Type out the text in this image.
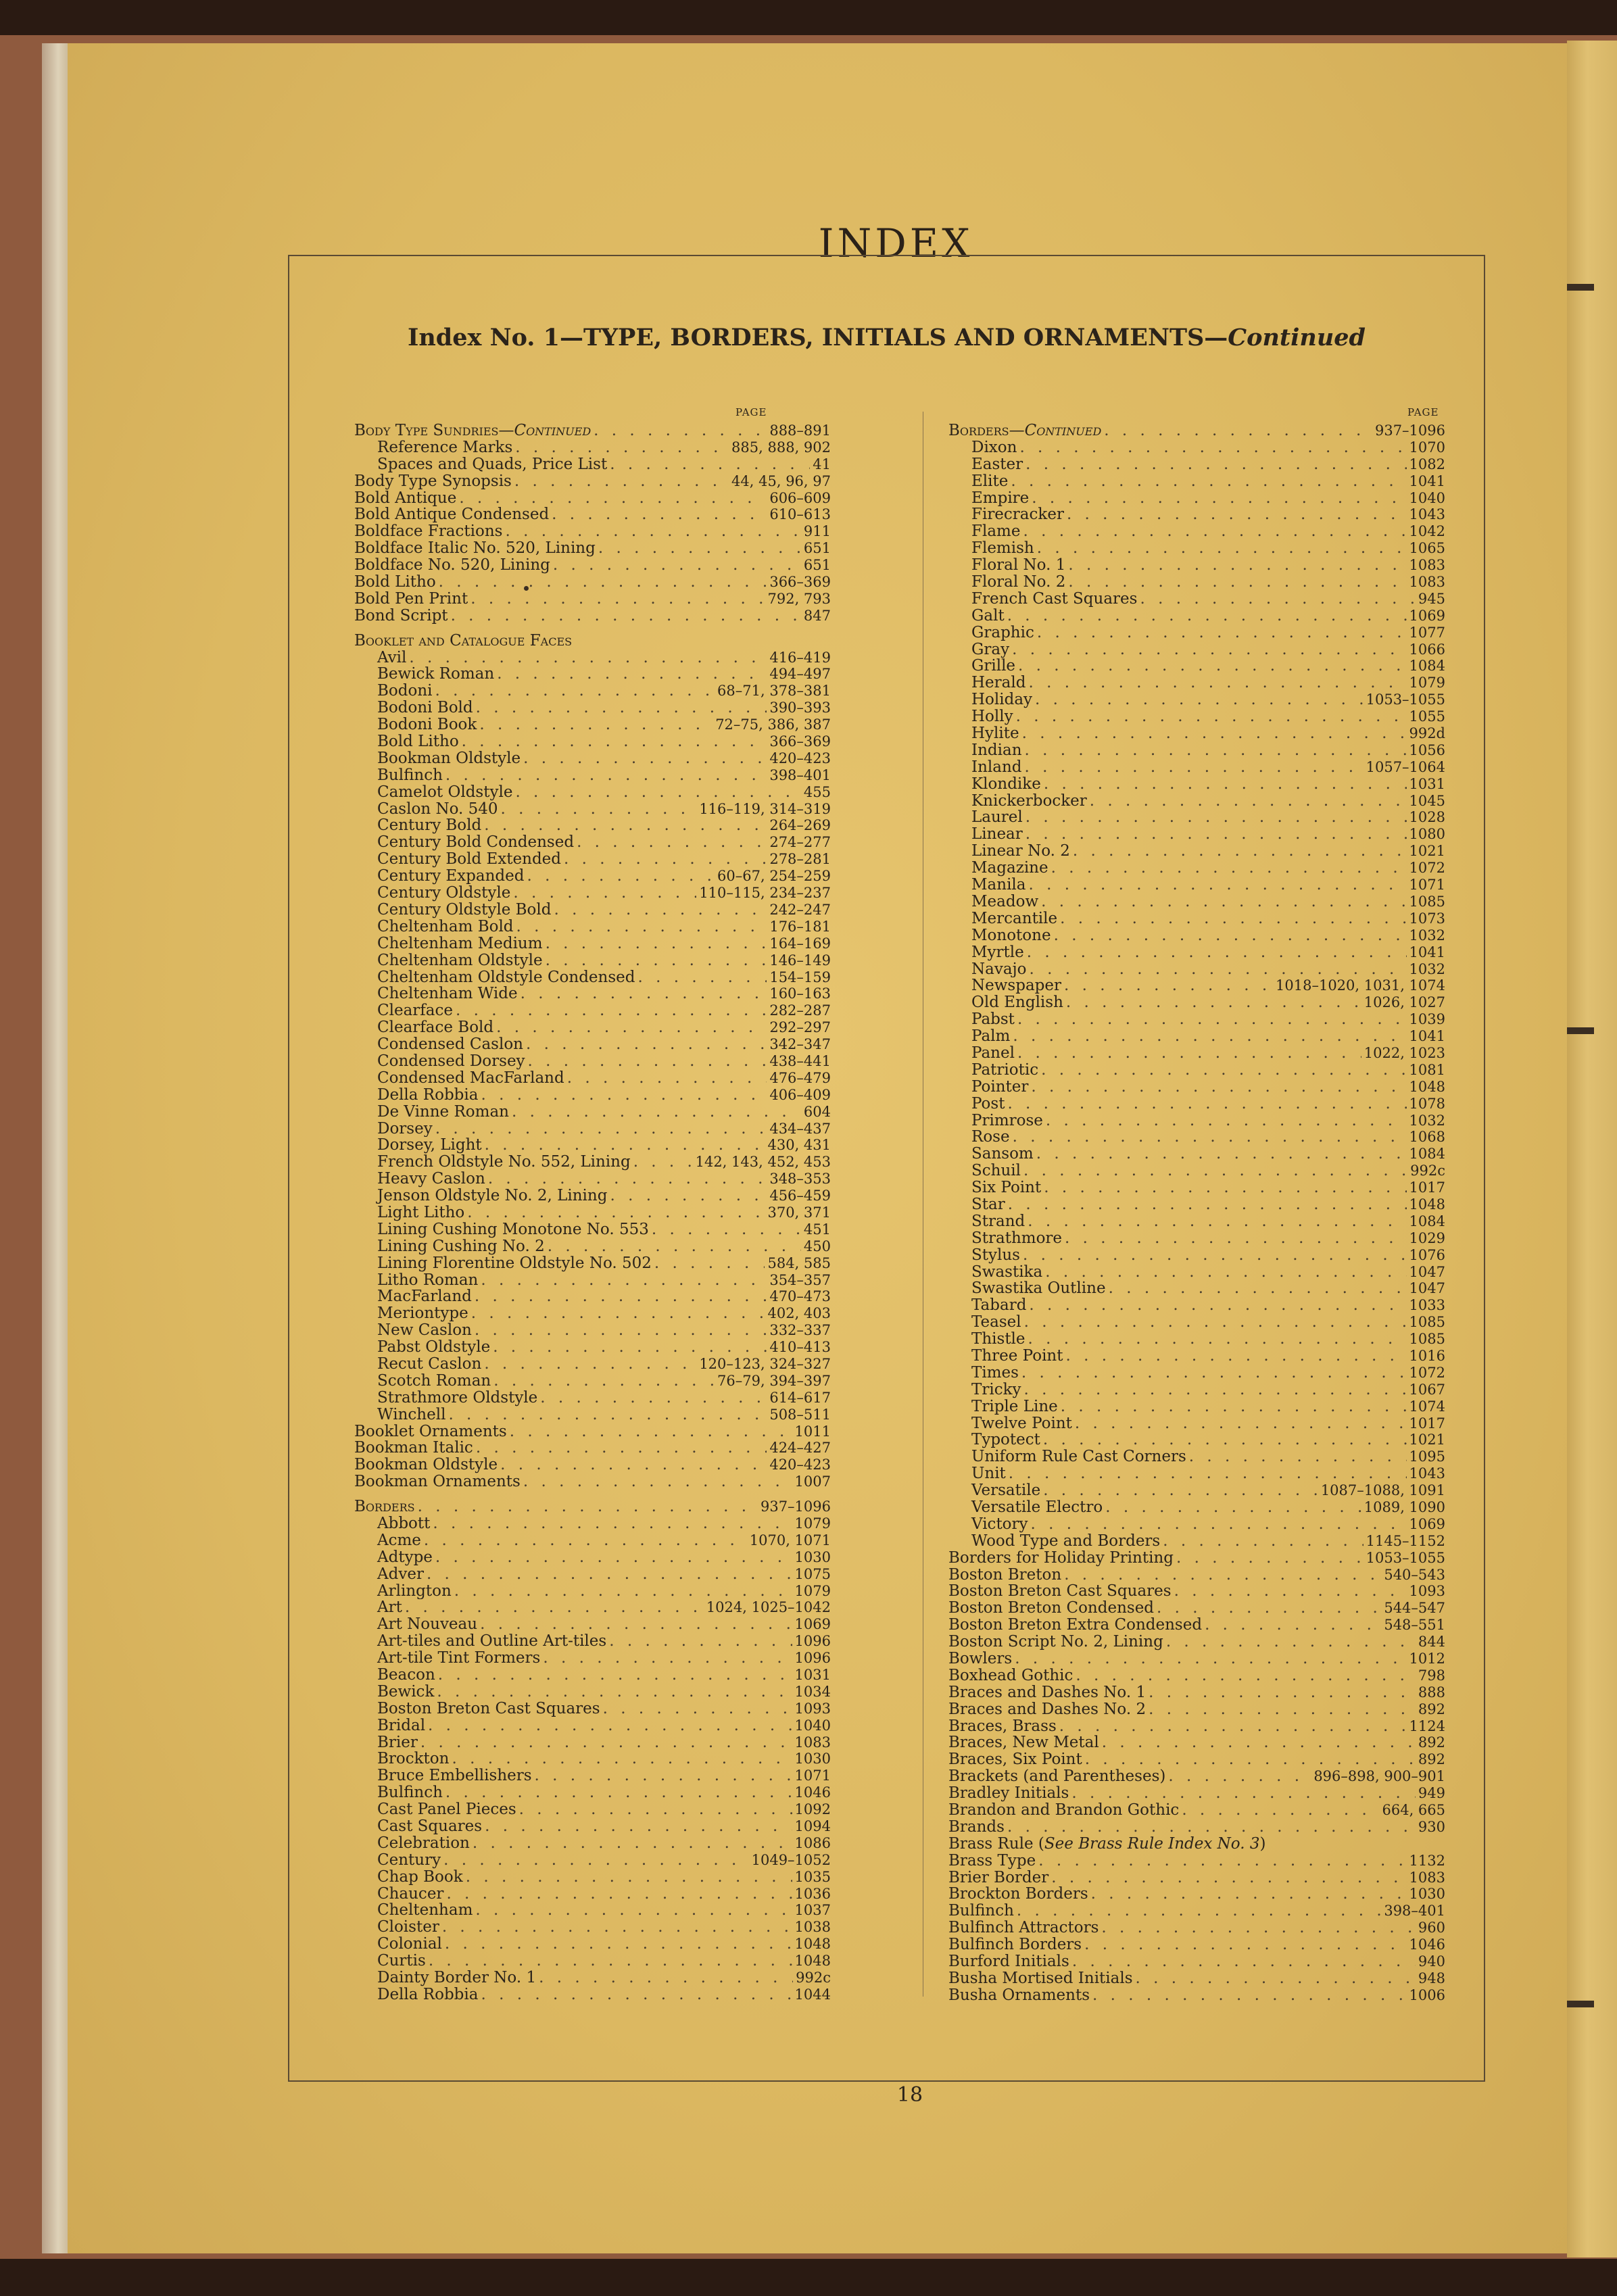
INDEX
Index No. 1—TYPE, BORDERS, INITIALS AND ORNAMENTS—Continued
PAGE	PAGE
Body Type Sundries—Continued . . .	888–891
Reference Marks . . .	885, 888, 902
Spaces and Quads, Price List . . .	41
Body Type Synopsis . . .	44, 45, 96, 97
Bold Antique . . .	606–609
Bold Antique Condensed . . .	610–613
Boldface Fractions . . .	911
Boldface Italic No. 520, Lining . . .	651
Boldface No. 520, Lining . . .	651
Bold Litho . . .	366–369
Bold Pen Print . . .	792, 793
Bond Script . . .	847
Booklet and Catalogue Faces
Avil . . .	416–419
Bewick Roman . . .	494–497
Bodoni . . .	68–71, 378–381
Bodoni Bold . . .	390–393
Bodoni Book . . .	72–75, 386, 387
Bold Litho . . .	366–369
Bookman Oldstyle . . .	420–423
Bulfinch . . .	398–401
Camelot Oldstyle . . .	455
Caslon No. 540 . . .	116–119, 314–319
Century Bold . . .	264–269
Century Bold Condensed . . .	274–277
Century Bold Extended . . .	278–281
Century Expanded . . .	60–67, 254–259
Century Oldstyle . . .	110–115, 234–237
Century Oldstyle Bold . . .	242–247
Cheltenham Bold . . .	176–181
Cheltenham Medium . . .	164–169
Cheltenham Oldstyle . . .	146–149
Cheltenham Oldstyle Condensed . . .	154–159
Cheltenham Wide . . .	160–163
Clearface . . .	282–287
Clearface Bold . . .	292–297
Condensed Caslon . . .	342–347
Condensed Dorsey . . .	438–441
Condensed MacFarland . . .	476–479
Della Robbia . . .	406–409
De Vinne Roman . . .	604
Dorsey . . .	434–437
Dorsey, Light . . .	430, 431
French Oldstyle No. 552, Lining . . .	142, 143, 452, 453
Heavy Caslon . . .	348–353
Jenson Oldstyle No. 2, Lining . . .	456–459
Light Litho . . .	370, 371
Lining Cushing Monotone No. 553 . . .	451
Lining Cushing No. 2 . . .	450
Lining Florentine Oldstyle No. 502 . . .	584, 585
Litho Roman . . .	354–357
MacFarland . . .	470–473
Meriontype . . .	402, 403
New Caslon . . .	332–337
Pabst Oldstyle . . .	410–413
Recut Caslon . . .	120–123, 324–327
Scotch Roman . . .	76–79, 394–397
Strathmore Oldstyle . . .	614–617
Winchell . . .	508–511
Booklet Ornaments . . .	1011
Bookman Italic . . .	424–427
Bookman Oldstyle . . .	420–423
Bookman Ornaments . . .	1007
Borders . . .	937–1096
Abbott . . .	1079
Acme . . .	1070, 1071
Adtype . . .	1030
Adver . . .	1075
Arlington . . .	1079
Art . . .	1024, 1025–1042
Art Nouveau . . .	1069
Art-tiles and Outline Art-tiles . . .	1096
Art-tile Tint Formers . . .	1096
Beacon . . .	1031
Bewick . . .	1034
Boston Breton Cast Squares . . .	1093
Bridal . . .	1040
Brier . . .	1083
Brockton . . .	1030
Bruce Embellishers . . .	1071
Bulfinch . . .	1046
Cast Panel Pieces . . .	1092
Cast Squares . . .	1094
Celebration . . .	1086
Century . . .	1049–1052
Chap Book . . .	1035
Chaucer . . .	1036
Cheltenham . . .	1037
Cloister . . .	1038
Colonial . . .	1048
Curtis . . .	1048
Dainty Border No. 1 . . .	992c
Della Robbia . . .	1044
Borders—Continued . . .	937–1096
Dixon . . .	1070
Easter . . .	1082
Elite . . .	1041
Empire . . .	1040
Firecracker . . .	1043
Flame . . .	1042
Flemish . . .	1065
Floral No. 1 . . .	1083
Floral No. 2 . . .	1083
French Cast Squares . . .	945
Galt . . .	1069
Graphic . . .	1077
Gray . . .	1066
Grille . . .	1084
Herald . . .	1079
Holiday . . .	1053–1055
Holly . . .	1055
Hylite . . .	992d
Indian . . .	1056
Inland . . .	1057–1064
Klondike . . .	1031
Knickerbocker . . .	1045
Laurel . . .	1028
Linear . . .	1080
Linear No. 2 . . .	1021
Magazine . . .	1072
Manila . . .	1071
Meadow . . .	1085
Mercantile . . .	1073
Monotone . . .	1032
Myrtle . . .	1041
Navajo . . .	1032
Newspaper . . .	1018–1020, 1031, 1074
Old English . . .	1026, 1027
Pabst . . .	1039
Palm . . .	1041
Panel . . .	1022, 1023
Patriotic . . .	1081
Pointer . . .	1048
Post . . .	1078
Primrose . . .	1032
Rose . . .	1068
Sansom . . .	1084
Schuil . . .	992c
Six Point . . .	1017
Star . . .	1048
Strand . . .	1084
Strathmore . . .	1029
Stylus . . .	1076
Swastika . . .	1047
Swastika Outline . . .	1047
Tabard . . .	1033
Teasel . . .	1085
Thistle . . .	1085
Three Point . . .	1016
Times . . .	1072
Tricky . . .	1067
Triple Line . . .	1074
Twelve Point . . .	1017
Typotect . . .	1021
Uniform Rule Cast Corners . . .	1095
Unit . . .	1043
Versatile . . .	1087–1088, 1091
Versatile Electro . . .	1089, 1090
Victory . . .	1069
Wood Type and Borders . . .	1145–1152
Borders for Holiday Printing . . .	1053–1055
Boston Breton . . .	540–543
Boston Breton Cast Squares . . .	1093
Boston Breton Condensed . . .	544–547
Boston Breton Extra Condensed . . .	548–551
Boston Script No. 2, Lining . . .	844
Bowlers . . .	1012
Boxhead Gothic . . .	798
Braces and Dashes No. 1 . . .	888
Braces and Dashes No. 2 . . .	892
Braces, Brass . . .	1124
Braces, New Metal . . .	892
Braces, Six Point . . .	892
Brackets (and Parentheses) . . .	896–898, 900–901
Bradley Initials . . .	949
Brandon and Brandon Gothic . . .	664, 665
Brands . . .	930
Brass Rule (See Brass Rule Index No. 3)
Brass Type . . .	1132
Brier Border . . .	1083
Brockton Borders . . .	1030
Bulfinch . . .	398–401
Bulfinch Attractors . . .	960
Bulfinch Borders . . .	1046
Burford Initials . . .	940
Busha Mortised Initials . . .	948
Busha Ornaments . . .	1006
18
